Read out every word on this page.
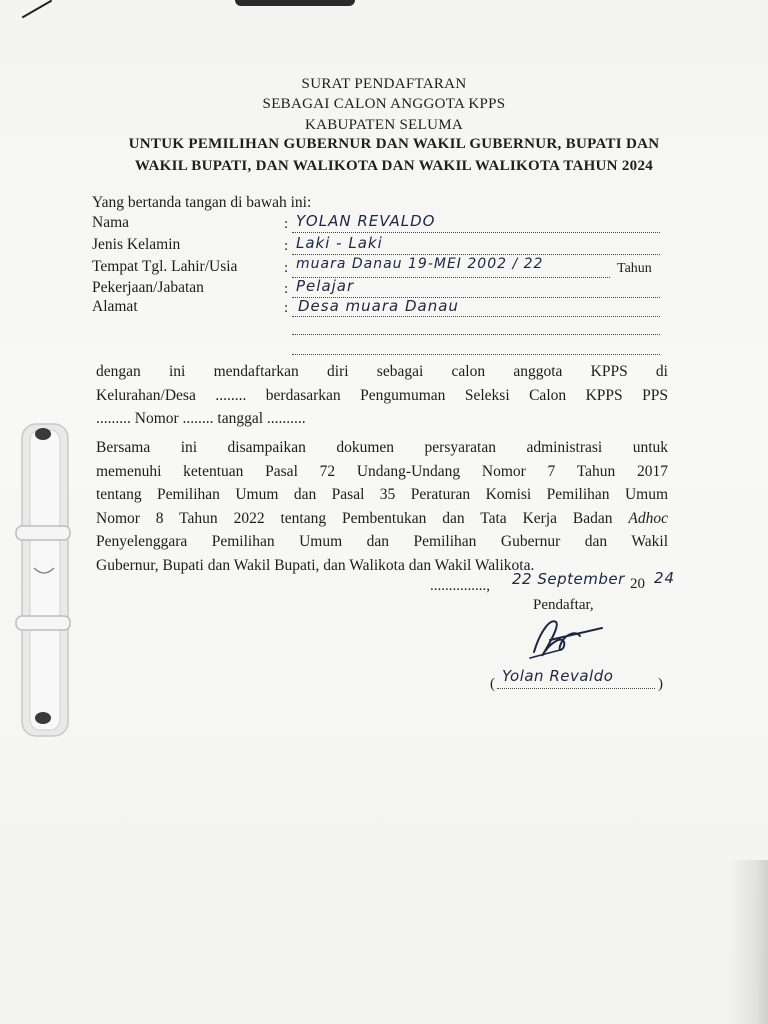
SURAT PENDAFTARAN
SEBAGAI CALON ANGGOTA KPPS
KABUPATEN SELUMA
UNTUK PEMILIHAN GUBERNUR DAN WAKIL GUBERNUR, BUPATI DAN
WAKIL BUPATI, DAN WALIKOTA DAN WAKIL WALIKOTA TAHUN 2024
Yang bertanda tangan di bawah ini:
Nama	: YOLAN REVALDO
Jenis Kelamin	: Laki - Laki
Tempat Tgl. Lahir/Usia	: muara Danau 19-MEI 2002 / 22	Tahun
Pekerjaan/Jabatan	: Pelajar
Alamat	: Desa muara Danau
dengan ini mendaftarkan diri sebagai calon anggota KPPS di
Kelurahan/Desa ........ berdasarkan Pengumuman Seleksi Calon KPPS PPS
......... Nomor ........ tanggal ..........
Bersama ini disampaikan dokumen persyaratan administrasi untuk
memenuhi ketentuan Pasal 72 Undang-Undang Nomor 7 Tahun 2017
tentang Pemilihan Umum dan Pasal 35 Peraturan Komisi Pemilihan Umum
Nomor 8 Tahun 2022 tentang Pembentukan dan Tata Kerja Badan Adhoc
Penyelenggara Pemilihan Umum dan Pemilihan Gubernur dan Wakil
Gubernur, Bupati dan Wakil Bupati, dan Walikota dan Wakil Walikota.
..............., 22 September 20 24
Pendaftar,
( Yolan Revaldo	)
